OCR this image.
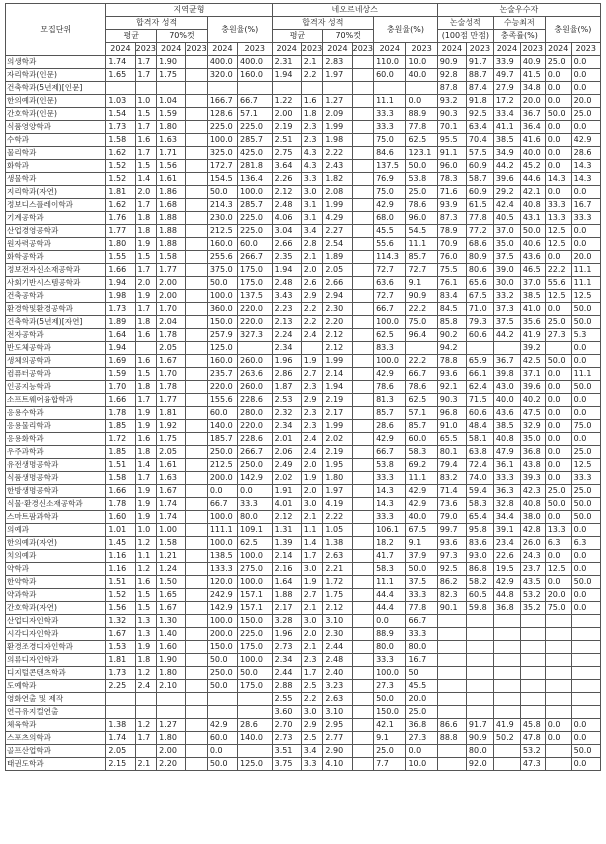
모집단위	지역균형						네오르네상스						논술우수자					
	합격자 성적				충원율(%)		합격자 성적				충원율(%)		논술성적		수능최저		충원율(%)	
	평균		70%컷				평균		70%컷				(100점 만점)		충족률(%)			
	2024	2023	2024	2023	2024	2023	2024	2023	2024	2023	2024	2023	2024	2023	2024	2023	2024	2023
의생학과	1.74	1.7	1.90		400.0	400.0	2.31	2.1	2.83		110.0	10.0	90.9	91.7	33.9	40.9	25.0	0.0
자리학과(인문)	1.65	1.7	1.75		320.0	160.0	1.94	2.2	1.97		60.0	40.0	92.8	88.7	49.7	41.5	0.0	0.0
건축학과(5년제)[인문]													87.8	87.4	27.9	34.8	0.0	0.0
한의예과(인문)	1.03	1.0	1.04		166.7	66.7	1.22	1.6	1.27		11.1	0.0	93.2	91.8	17.2	20.0	0.0	20.0
간호학과(인문)	1.54	1.5	1.59		128.6	57.1	2.00	1.8	2.09		33.3	88.9	90.3	92.5	33.4	36.7	50.0	25.0
식품영양학과	1.73	1.7	1.80		225.0	225.0	2.19	2.3	1.99		33.3	77.8	70.1	63.4	41.1	36.4	0.0	0.0
수학과	1.58	1.6	1.63		100.0	285.7	2.51	2.3	1.98		75.0	62.5	95.5	70.4	38.5	41.6	0.0	42.9
물리학과	1.62	1.7	1.71		325.0	425.0	2.75	4.3	2.22		84.6	123.1	91.1	57.5	34.9	40.0	0.0	28.6
화학과	1.52	1.5	1.56		172.7	281.8	3.64	4.3	2.43		137.5	50.0	96.0	60.9	44.2	45.2	0.0	14.3
생물학과	1.52	1.4	1.61		154.5	136.4	2.26	3.3	1.82		76.9	53.8	78.3	58.7	39.6	44.6	14.3	14.3
지리학과(자연)	1.81	2.0	1.86		50.0	100.0	2.12	3.0	2.08		75.0	25.0	71.6	60.9	29.2	42.1	0.0	0.0
정보디스플레이학과	1.62	1.7	1.68		214.3	285.7	2.48	3.1	1.99		42.9	78.6	93.9	61.5	42.4	40.8	33.3	16.7
기계공학과	1.76	1.8	1.88		230.0	225.0	4.06	3.1	4.29		68.0	96.0	87.3	77.8	40.5	43.1	13.3	33.3
산업경영공학과	1.77	1.8	1.88		212.5	225.0	3.04	3.4	2.27		45.5	54.5	78.9	77.2	37.0	50.0	12.5	0.0
원자력공학과	1.80	1.9	1.88		160.0	60.0	2.66	2.8	2.54		55.6	11.1	70.9	68.6	35.0	40.6	12.5	0.0
화학공학과	1.55	1.5	1.58		255.6	266.7	2.35	2.1	1.89		114.3	85.7	76.0	80.9	37.5	43.6	0.0	20.0
정보전자신소재공학과	1.66	1.7	1.77		375.0	175.0	1.94	2.0	2.05		72.7	72.7	75.5	80.6	39.0	46.5	22.2	11.1
사회기반시스템공학과	1.94	2.0	2.00		50.0	175.0	2.48	2.6	2.66		63.6	9.1	76.1	65.6	30.0	37.0	55.6	11.1
건축공학과	1.98	1.9	2.00		100.0	137.5	3.43	2.9	2.94		72.7	90.9	83.4	67.5	33.2	38.5	12.5	12.5
환경학및환경공학과	1.73	1.7	1.70		360.0	220.0	2.23	2.2	2.30		66.7	22.2	84.5	71.0	37.3	41.0	0.0	50.0
건축학과(5년제)[자연]	1.89	1.8	2.04		150.0	220.0	2.13	2.2	2.20		100.0	75.0	85.8	79.3	37.5	35.6	25.0	50.0
전자공학과	1.64	1.6	1.78		257.9	327.3	2.24	2.4	2.12		62.5	96.4	90.2	60.6	44.2	41.9	27.3	5.3
반도체공학과	1.94		2.05		125.0		2.34		2.12		83.3		94.2			39.2		0.0
생체의공학과	1.69	1.6	1.67		160.0	260.0	1.96	1.9	1.99		100.0	22.2	78.8	65.9	36.7	42.5	50.0	0.0
컴퓨터공학과	1.59	1.5	1.70		235.7	263.6	2.86	2.7	2.14		42.9	66.7	93.6	66.1	39.8	37.1	0.0	11.1
인공지능학과	1.70	1.8	1.78		220.0	260.0	1.87	2.3	1.94		78.6	78.6	92.1	62.4	43.0	39.6	0.0	50.0
소프트웨어융합학과	1.66	1.7	1.77		155.6	228.6	2.53	2.9	2.19		81.3	62.5	90.3	71.5	40.0	40.2	0.0	0.0
응용수학과	1.78	1.9	1.81		60.0	280.0	2.32	2.3	2.17		85.7	57.1	96.8	60.6	43.6	47.5	0.0	0.0
응용물리학과	1.85	1.9	1.92		140.0	220.0	2.34	2.3	1.99		28.6	85.7	91.0	48.4	38.5	32.9	0.0	75.0
응용화학과	1.72	1.6	1.75		185.7	228.6	2.01	2.4	2.02		42.9	60.0	65.5	58.1	40.8	35.0	0.0	0.0
우주과학과	1.85	1.8	2.05		250.0	266.7	2.06	2.4	2.19		66.7	58.3	80.1	63.8	47.9	36.8	0.0	25.0
유전생명공학과	1.51	1.4	1.61		212.5	250.0	2.49	2.0	1.95		53.8	69.2	79.4	72.4	36.1	43.8	0.0	12.5
식품생명공학과	1.58	1.7	1.63		200.0	142.9	2.02	1.9	1.80		33.3	11.1	83.2	74.0	33.3	39.3	0.0	33.3
한방생명공학과	1.66	1.9	1.67		0.0	0.0	1.91	2.0	1.97		14.3	42.9	71.4	59.4	36.3	42.3	25.0	25.0
식물·환경신소재공학과	1.78	1.9	1.74		66.7	33.3	4.01	3.0	4.19		14.3	42.9	73.6	58.3	32.8	40.8	50.0	50.0
스마트팜과학과	1.60	1.9	1.74		100.0	80.0	2.12	2.1	2.22		33.3	40.0	79.0	65.4	34.4	38.0	0.0	50.0
의예과	1.01	1.0	1.00		111.1	109.1	1.31	1.1	1.05		106.1	67.5	99.7	95.8	39.1	42.8	13.3	0.0
한의예과(자연)	1.45	1.2	1.58		100.0	62.5	1.39	1.4	1.38		18.2	9.1	93.6	83.6	23.4	26.0	6.3	6.3
치의예과	1.16	1.1	1.21		138.5	100.0	2.14	1.7	2.63		41.7	37.9	97.3	93.0	22.6	24.3	0.0	0.0
약학과	1.16	1.2	1.24		133.3	275.0	2.16	3.0	2.21		58.3	50.0	92.5	86.8	19.5	23.7	12.5	0.0
한약학과	1.51	1.6	1.50		120.0	100.0	1.64	1.9	1.72		11.1	37.5	86.2	58.2	42.9	43.5	0.0	50.0
약과학과	1.52	1.5	1.65		242.9	157.1	1.88	2.7	1.75		44.4	33.3	82.3	60.5	44.8	53.2	20.0	0.0
간호학과(자연)	1.56	1.5	1.67		142.9	157.1	2.17	2.1	2.12		44.4	77.8	90.1	59.8	36.8	35.2	75.0	0.0
산업디자인학과	1.32	1.3	1.30		100.0	150.0	3.28	3.0	3.10		0.0	66.7						
시각디자인학과	1.67	1.3	1.40		200.0	225.0	1.96	2.0	2.30		88.9	33.3						
환경조경디자인학과	1.53	1.9	1.60		150.0	175.0	2.73	2.1	2.44		80.0	80.0						
의류디자인학과	1.81	1.8	1.90		50.0	100.0	2.34	2.3	2.48		33.3	16.7						
디지털콘텐츠학과	1.73	1.2	1.80		250.0	50.0	2.44	1.7	2.40		100.0	50						
도예학과	2.25	2.4	2.10		50.0	175.0	2.88	2.5	3.23		27.3	45.5						
영화연출 및 제작							2.55	2.2	2.63		50.0	20.0						
연극유지컬연출							3.60	3.0	3.10		150.0	25.0						
체육학과	1.38	1.2	1.27		42.9	28.6	2.70	2.9	2.95		42.1	36.8	86.6	91.7	41.9	45.8	0.0	0.0
스포츠의학과	1.74	1.7	1.80		60.0	140.0	2.73	2.5	2.77		9.1	27.3	88.8	90.9	50.2	47.8	0.0	0.0
골프산업학과	2.05		2.00		0.0		3.51	3.4	2.90		25.0	0.0		80.0		53.2		50.0
태권도학과	2.15	2.1	2.20		50.0	125.0	3.75	3.3	4.10		7.7	10.0		92.0		47.3		0.0
